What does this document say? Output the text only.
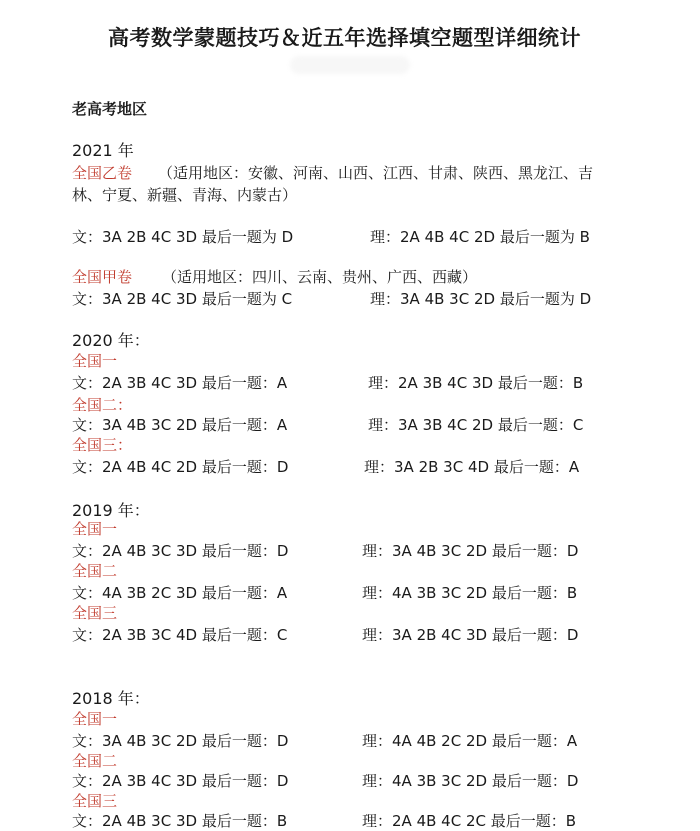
高考数学蒙题技巧＆近五年选择填空题型详细统计
老高考地区
2021 年
全国乙卷 （适用地区：安徽、河南、山西、江西、甘肃、陕西、黑龙江、吉
林、宁夏、新疆、青海、内蒙古）
文：3A 2B 4C 3D 最后一题为 D	理：2A 4B 4C 2D 最后一题为 B
全国甲卷 （适用地区：四川、云南、贵州、广西、西藏）
文：3A 2B 4C 3D 最后一题为 C	理：3A 4B 3C 2D 最后一题为 D
2020 年：
全国一
文：2A 3B 4C 3D 最后一题：A	理：2A 3B 4C 3D 最后一题：B
全国二：
文：3A 4B 3C 2D 最后一题：A	理：3A 3B 4C 2D 最后一题：C
全国三：
文：2A 4B 4C 2D 最后一题：D	理：3A 2B 3C 4D 最后一题：A
2019 年：
全国一
文：2A 4B 3C 3D 最后一题：D	理：3A 4B 3C 2D 最后一题：D
全国二
文：4A 3B 2C 3D 最后一题：A	理：4A 3B 3C 2D 最后一题：B
全国三
文：2A 3B 3C 4D 最后一题：C	理：3A 2B 4C 3D 最后一题：D
2018 年：
全国一
文：3A 4B 3C 2D 最后一题：D	理：4A 4B 2C 2D 最后一题：A
全国二
文：2A 3B 4C 3D 最后一题：D	理：4A 3B 3C 2D 最后一题：D
全国三
文：2A 4B 3C 3D 最后一题：B	理：2A 4B 4C 2C 最后一题：B
